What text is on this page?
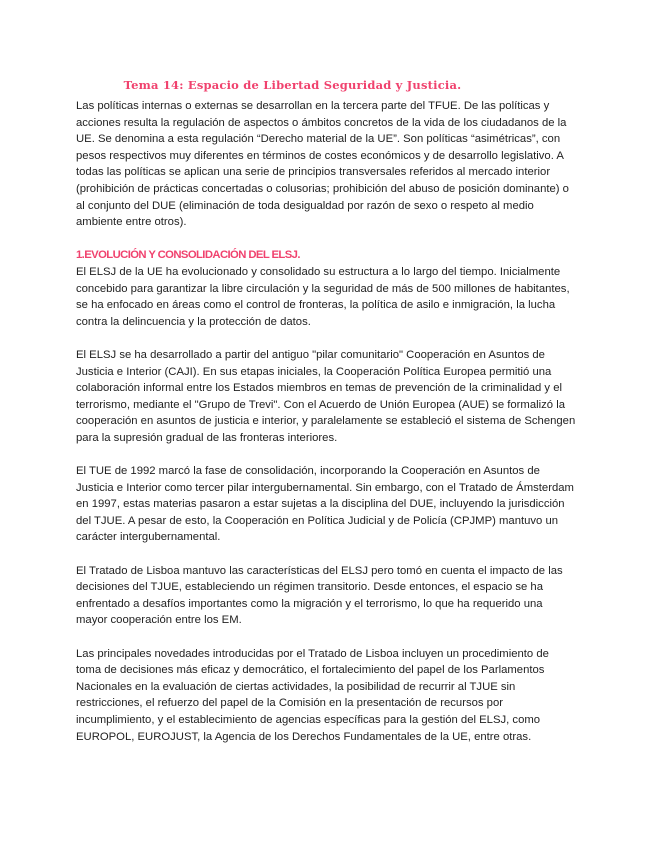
Tema 14: Espacio de Libertad Seguridad y Justicia.

Las políticas internas o externas se desarrollan en la tercera parte del TFUE. De las políticas y acciones resulta la regulación de aspectos o ámbitos concretos de la vida de los ciudadanos de la UE. Se denomina a esta regulación “Derecho material de la UE”. Son políticas “asimétricas”, con pesos respectivos muy diferentes en términos de costes económicos y de desarrollo legislativo. A todas las políticas se aplican una serie de principios transversales referidos al mercado interior (prohibición de prácticas concertadas o colusorias; prohibición del abuso de posición dominante) o al conjunto del DUE (eliminación de toda desigualdad por razón de sexo o respeto al medio ambiente entre otros).

1.EVOLUCIÓN Y CONSOLIDACIÓN DEL ELSJ.

El ELSJ de la UE ha evolucionado y consolidado su estructura a lo largo del tiempo. Inicialmente concebido para garantizar la libre circulación y la seguridad de más de 500 millones de habitantes, se ha enfocado en áreas como el control de fronteras, la política de asilo e inmigración, la lucha contra la delincuencia y la protección de datos.

El ELSJ se ha desarrollado a partir del antiguo "pilar comunitario" Cooperación en Asuntos de Justicia e Interior (CAJI). En sus etapas iniciales, la Cooperación Política Europea permitió una colaboración informal entre los Estados miembros en temas de prevención de la criminalidad y el terrorismo, mediante el "Grupo de Trevi". Con el Acuerdo de Unión Europea (AUE) se formalizó la cooperación en asuntos de justicia e interior, y paralelamente se estableció el sistema de Schengen para la supresión gradual de las fronteras interiores.

El TUE de 1992 marcó la fase de consolidación, incorporando la Cooperación en Asuntos de Justicia e Interior como tercer pilar intergubernamental. Sin embargo, con el Tratado de Ámsterdam en 1997, estas materias pasaron a estar sujetas a la disciplina del DUE, incluyendo la jurisdicción del TJUE. A pesar de esto, la Cooperación en Política Judicial y de Policía (CPJMP) mantuvo un carácter intergubernamental.

El Tratado de Lisboa mantuvo las características del ELSJ pero tomó en cuenta el impacto de las decisiones del TJUE, estableciendo un régimen transitorio. Desde entonces, el espacio se ha enfrentado a desafíos importantes como la migración y el terrorismo, lo que ha requerido una mayor cooperación entre los EM.

Las principales novedades introducidas por el Tratado de Lisboa incluyen un procedimiento de toma de decisiones más eficaz y democrático, el fortalecimiento del papel de los Parlamentos Nacionales en la evaluación de ciertas actividades, la posibilidad de recurrir al TJUE sin restricciones, el refuerzo del papel de la Comisión en la presentación de recursos por incumplimiento, y el establecimiento de agencias específicas para la gestión del ELSJ, como EUROPOL, EUROJUST, la Agencia de los Derechos Fundamentales de la UE, entre otras.
